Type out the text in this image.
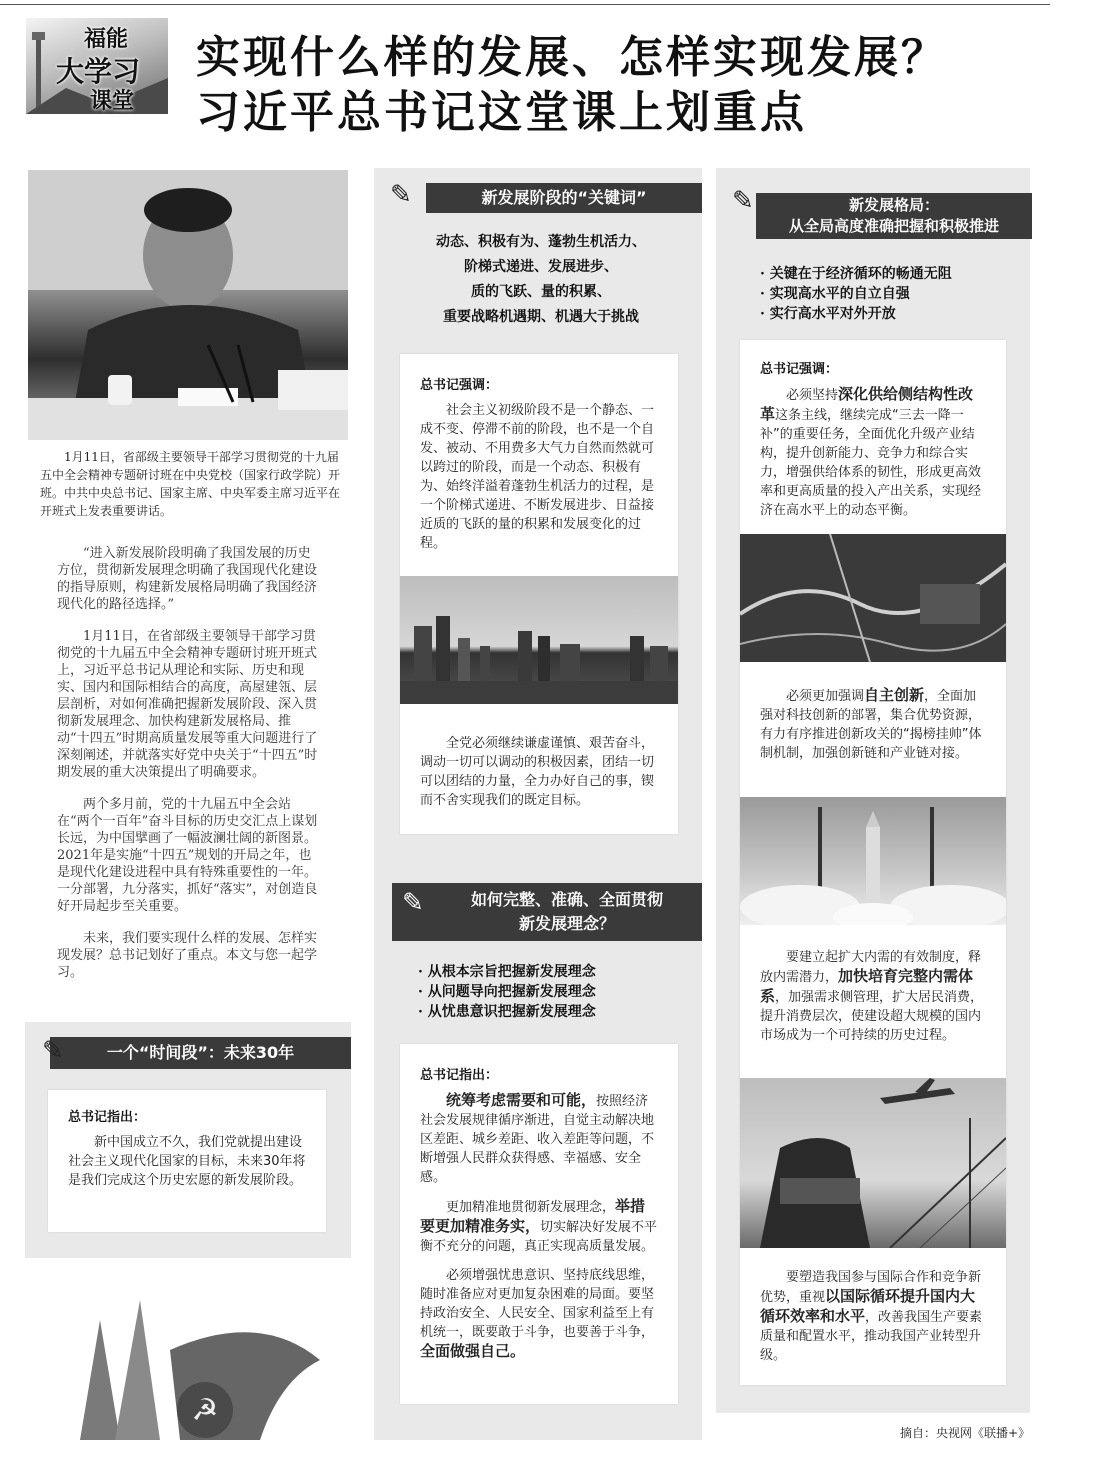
福能
大学习
课堂
实现什么样的发展、怎样实现发展？
习近平总书记这堂课上划重点
1月11日，省部级主要领导干部学习贯彻党的十九届五中全会精神专题研讨班在中央党校（国家行政学院）开班。中共中央总书记、国家主席、中央军委主席习近平在开班式上发表重要讲话。

“进入新发展阶段明确了我国发展的历史方位，贯彻新发展理念明确了我国现代化建设的指导原则，构建新发展格局明确了我国经济现代化的路径选择。”

1月11日，在省部级主要领导干部学习贯彻党的十九届五中全会精神专题研讨班开班式上，习近平总书记从理论和实际、历史和现实、国内和国际相结合的高度，高屋建瓴、层层剖析，对如何准确把握新发展阶段、深入贯彻新发展理念、加快构建新发展格局、推动“十四五”时期高质量发展等重大问题进行了深刻阐述，并就落实好党中央关于“十四五”时期发展的重大决策提出了明确要求。

两个多月前，党的十九届五中全会站在“两个一百年”奋斗目标的历史交汇点上谋划长远，为中国擘画了一幅波澜壮阔的新图景。2021年是实施“十四五”规划的开局之年，也是现代化建设进程中具有特殊重要性的一年。一分部署，九分落实，抓好“落实”，对创造良好开局起步至关重要。

未来，我们要实现什么样的发展、怎样实现发展？总书记划好了重点。本文与您一起学习。

一个“时间段”：未来30年
✎
总书记指出：

新中国成立不久，我们党就提出建设社会主义现代化国家的目标，未来30年将是我们完成这个历史宏愿的新发展阶段。

☭
新发展阶段的“关键词”
✎
动态、积极有为、蓬勃生机活力、
阶梯式递进、发展进步、
质的飞跃、量的积累、
重要战略机遇期、机遇大于挑战
总书记强调：

社会主义初级阶段不是一个静态、一成不变、停滞不前的阶段，也不是一个自发、被动、不用费多大气力自然而然就可以跨过的阶段，而是一个动态、积极有为、始终洋溢着蓬勃生机活力的过程，是一个阶梯式递进、不断发展进步、日益接近质的飞跃的量的积累和发展变化的过程。

全党必须继续谦虚谨慎、艰苦奋斗，调动一切可以调动的积极因素，团结一切可以团结的力量，全力办好自己的事，锲而不舍实现我们的既定目标。

如何完整、准确、全面贯彻
新发展理念？
✎
· 从根本宗旨把握新发展理念
· 从问题导向把握新发展理念
· 从忧患意识把握新发展理念
总书记指出：

统筹考虑需要和可能，按照经济社会发展规律循序渐进，自觉主动解决地区差距、城乡差距、收入差距等问题，不断增强人民群众获得感、幸福感、安全感。

更加精准地贯彻新发展理念，举措要更加精准务实，切实解决好发展不平衡不充分的问题，真正实现高质量发展。

必须增强忧患意识、坚持底线思维，随时准备应对更加复杂困难的局面。要坚持政治安全、人民安全、国家利益至上有机统一，既要敢于斗争，也要善于斗争，全面做强自己。

新发展格局：
从全局高度准确把握和积极推进
✎
· 关键在于经济循环的畅通无阻
· 实现高水平的自立自强
· 实行高水平对外开放
总书记强调：

必须坚持深化供给侧结构性改革这条主线，继续完成“三去一降一补”的重要任务，全面优化升级产业结构，提升创新能力、竞争力和综合实力，增强供给体系的韧性，形成更高效率和更高质量的投入产出关系，实现经济在高水平上的动态平衡。

必须更加强调自主创新，全面加强对科技创新的部署，集合优势资源，有力有序推进创新攻关的“揭榜挂帅”体制机制，加强创新链和产业链对接。

要建立起扩大内需的有效制度，释放内需潜力，加快培育完整内需体系，加强需求侧管理，扩大居民消费，提升消费层次，使建设超大规模的国内市场成为一个可持续的历史过程。

要塑造我国参与国际合作和竞争新优势，重视以国际循环提升国内大循环效率和水平，改善我国生产要素质量和配置水平，推动我国产业转型升级。

摘自：央视网《联播+》
